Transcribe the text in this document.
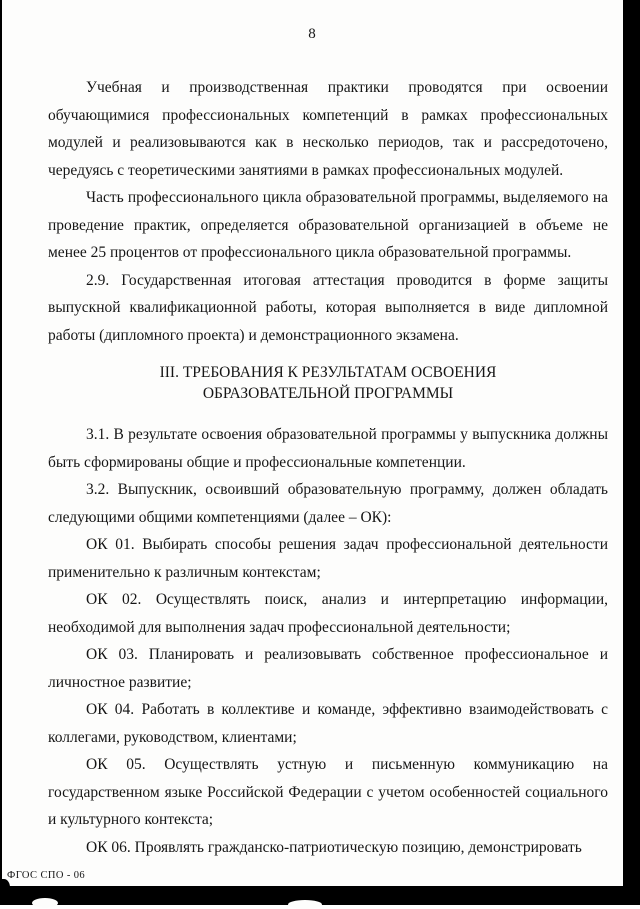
8

Учебная и производственная практики проводятся при освоении обучающимися профессиональных компетенций в рамках профессиональных модулей и реализовываются как в несколько периодов, так и рассредоточено, чередуясь с теоретическими занятиями в рамках профессиональных модулей.

Часть профессионального цикла образовательной программы, выделяемого на проведение практик, определяется образовательной организацией в объеме не менее 25 процентов от профессионального цикла образовательной программы.

2.9. Государственная итоговая аттестация проводится в форме защиты выпускной квалификационной работы, которая выполняется в виде дипломной работы (дипломного проекта) и демонстрационного экзамена.

III. ТРЕБОВАНИЯ К РЕЗУЛЬТАТАМ ОСВОЕНИЯ
ОБРАЗОВАТЕЛЬНОЙ ПРОГРАММЫ

3.1. В результате освоения образовательной программы у выпускника должны быть сформированы общие и профессиональные компетенции.

3.2. Выпускник, освоивший образовательную программу, должен обладать следующими общими компетенциями (далее – ОК):

ОК 01. Выбирать способы решения задач профессиональной деятельности применительно к различным контекстам;

ОК 02. Осуществлять поиск, анализ и интерпретацию информации, необходимой для выполнения задач профессиональной деятельности;

ОК 03. Планировать и реализовывать собственное профессиональное и личностное развитие;

ОК 04. Работать в коллективе и команде, эффективно взаимодействовать с коллегами, руководством, клиентами;

ОК 05. Осуществлять устную и письменную коммуникацию на государственном языке Российской Федерации с учетом особенностей социального и культурного контекста;

ОК 06. Проявлять гражданско-патриотическую позицию, демонстрировать

ФГОС СПО - 06
